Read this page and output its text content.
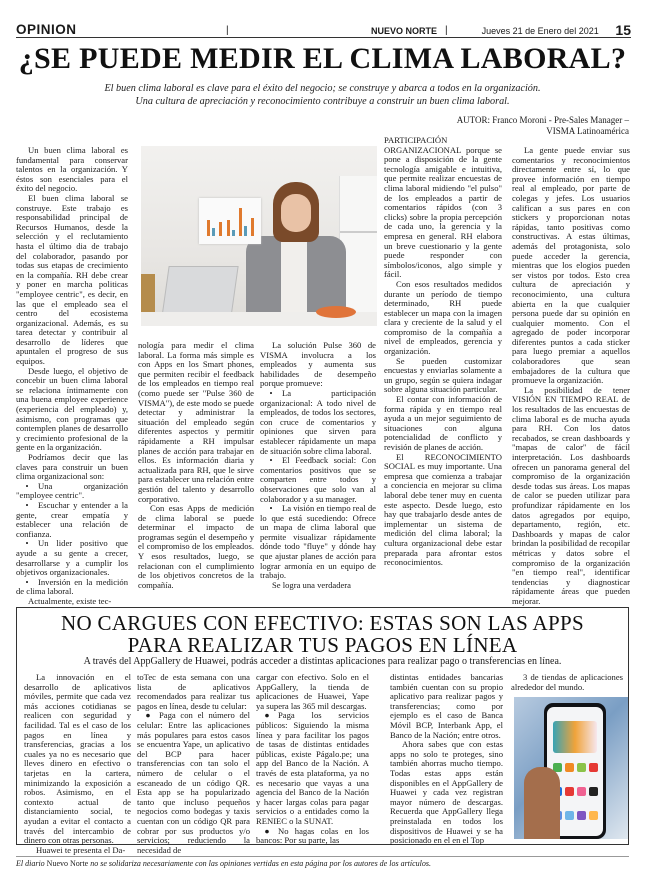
OPINION	|	NUEVO NORTE |	Jueves 21 de Enero del 2021 15
¿SE PUEDE MEDIR EL CLIMA LABORAL?
El buen clima laboral es clave para el éxito del negocio; se construye y abarca a todos en la organización.
Una cultura de apreciación y reconocimiento contribuye a construir un buen clima laboral.
AUTOR: Franco Moroni - Pre-Sales Manager –
VISMA Latinoamérica

Un buen clima laboral es fundamental para conservar talentos en la organización. Y éstos son esenciales para el éxito del negocio.

El buen clima laboral se construye. Este trabajo es responsabilidad principal de Recursos Humanos, desde la selección y el reclutamiento hasta el último dia de trabajo del colaborador, pasando por todas sus etapas de crecimiento en la compañía. RH debe crear y poner en marcha politicas "employee centric", es decir, en las que el empleado sea el centro del ecosistema organizacional. Además, es su tarea detectar y contribuir al desarrollo de líderes que apuntalen el progreso de sus equipos.

Desde luego, el objetivo de concebir un buen clima laboral se relaciona íntimamente con una buena employee experience (experiencia del empleado) y, asimismo, con programas que contemplen planes de desarrollo y crecimiento profesional de la gente en la organización.

Podríamos decir que las claves para construir un buen clima organizacional son:

• Una organización "employee centric".

• Escuchar y entender a la gente, crear empatía y establecer una relación de confianza.

• Un lider positivo que ayude a su gente a crecer, desarrollarse y a cumplir los objetivos organizacionales.

• Inversión en la medición de clima laboral.

Actualmente, existe tec-

nología para medir el clima laboral. La forma más simple es con Apps en los Smart phones, que permiten recibir el feedback de los empleados en tiempo real (como puede ser "Pulse 360 de VISMA"), de este modo se puede detectar y administrar la situación del empleado según diferentes aspectos y permitir rápidamente a RH impulsar planes de acción para trabajar en ellos. Es información diaria y actualizada para RH, que le sirve para establecer una relación entre gestión del talento y desarrollo corporativo.

Con esas Apps de medición de clima laboral se puede determinar el impacto de programas según el desempeño y el compromiso de los empleados. Y esos resultados, luego, se relacionan con el cumplimiento de los objetivos concretos de la compañía.

La solución Pulse 360 de VISMA involucra a los empleados y aumenta sus habilidades de desempeño porque promueve:

• La participación organizacional: A todo nivel de empleados, de todos los sectores, con cruce de comentarios y opiniones que sirven para establecer rápidamente un mapa de situación sobre clima laboral.

• El Feedback social: Con comentarios positivos que se comparten entre todos y observaciones que solo van al colaborador y a su manager.

• La visión en tiempo real de lo que está sucediendo: Ofrece un mapa de clima laboral que permite visualizar rápidamente dónde todo "fluye" y dónde hay que ajustar planes de acción para lograr armonía en un equipo de trabajo.

Se logra una verdadera

PARTICIPACIÓN ORGANIZACIONAL porque se pone a disposición de la gente tecnología amigable e intuitiva, que permite realizar encuestas de clima laboral midiendo "el pulso" de los empleados a partir de comentarios rápidos (con 3 clicks) sobre la propia percepción de cada uno, la gerencia y la empresa en general. RH elabora un breve cuestionario y la gente puede responder con símbolos/iconos, algo simple y fácil.

Con esos resultados medidos durante un período de tiempo determinado, RH puede establecer un mapa con la imagen clara y creciente de la salud y el compromiso de la compañía a nivel de empleados, gerencia y organización.

Se pueden customizar encuestas y enviarlas solamente a un grupo, según se quiera indagar sobre alguna situación particular.

El contar con información de forma rápida y en tiempo real ayuda a un mejor seguimiento de situaciones con alguna potencialidad de conflicto y revisión de planes de acción.

El RECONOCIMIENTO SOCIAL es muy importante. Una empresa que comienza a trabajar a conciencia en mejorar su clima laboral debe tener muy en cuenta este aspecto. Desde luego, esto hay que trabajarlo desde antes de implementar un sistema de medición del clima laboral; la cultura organizacional debe estar preparada para afrontar estos reconocimientos.

La gente puede enviar sus comentarios y reconocimientos directamente entre sí, lo que provee información en tiempo real al empleado, por parte de colegas y jefes. Los usuarios califican a sus pares en con stickers y proporcionan notas rápidas, tanto positivas como constructivas. A estas últimas, además del protagonista, solo puede acceder la gerencia, mientras que los elogios pueden ser vistos por todos. Esto crea cultura de apreciación y reconocimiento, una cultura abierta en la que cualquier persona puede dar su opinión en cualquier momento. Con el agregado de poder incorporar diferentes puntos a cada sticker para luego premiar a aquellos colaboradores que sean embajadores de la cultura que promueve la organización.

La posibilidad de tener VISIÓN EN TIEMPO REAL de los resultados de las encuestas de clima laboral es de mucha ayuda para RH. Con los datos recabados, se crean dashboards y "mapas de calor" de fácil interpretación. Los dashboards ofrecen un panorama general del compromiso de la organización desde todas sus áreas. Los mapas de calor se pueden utilizar para profundizar rápidamente en los datos agregados por equipo, departamento, región, etc. Dashboards y mapas de calor brindan la posibilidad de recopilar métricas y datos sobre el compromiso de la organización "en tiempo real", identificar tendencias y diagnosticar rápidamente áreas que pueden mejorar.

NO CARGUES CON EFECTIVO: ESTAS SON LAS APPS
PARA REALIZAR TUS PAGOS EN LÍNEA
A través del AppGallery de Huawei, podrás acceder a distintas aplicaciones para realizar pago o transferencias en línea.

La innovación en el desarrollo de aplicativos móviles, permite que cada vez más acciones cotidianas se realicen con seguridad y facilidad. Tal es el caso de los pagos en línea y transferencias, gracias a los cuales ya no es necesario que lleves dinero en efectivo o tarjetas en la cartera, minimizando la exposición a robos. Asimismo, en el contexto actual de distanciamiento social, te ayudan a evitar el contacto a través del intercambio de dinero con otras personas.

Huawei te presenta el Da-

toTec de esta semana con una lista de aplicativos recomendados para realizar tus pagos en línea, desde tu celular:

● Paga con el número del celular: Entre las aplicaciones más populares para estos casos se encuentra Yape, un aplicativo del BCP para hacer transferencias con tan solo el número de celular o el escaneado de un código QR. Esta app se ha popularizado tanto que incluso pequeños negocios como bodegas y taxis cuentan con un código QR para cobrar por sus productos y/o servicios; reduciendo la necesidad de

cargar con efectivo. Solo en el AppGallery, la tienda de aplicaciones de Huawei, Yape ya supera las 365 mil descargas.

● Paga los servicios públicos: Siguiendo la misma línea y para facilitar los pagos de tasas de distintas entidades públicas, existe Págalo.pe; una app del Banco de la Nación. A través de esta plataforma, ya no es necesario que vayas a una agencia del Banco de la Nación y hacer largas colas para pagar servicios o a entidades como la RENIEC o la SUNAT.

● No hagas colas en los bancos: Por su parte, las

distintas entidades bancarias también cuentan con su propio aplicativo para realizar pagos y transferencias; como por ejemplo es el caso de Banca Móvil BCP, Interbank App, el Banco de la Nación; entre otros.

Ahora sabes que con estas apps no solo te proteges, sino también ahorras mucho tiempo. Todas estas apps están disponibles en el AppGallery de Huawei y cada vez registran mayor número de descargas. Recuerda que AppGallery llega preinstalada en todos los dispositivos de Huawei y se ha posicionado en el en el Top

3 de tiendas de aplicaciones alrededor del mundo.

El diario Nuevo Norte no se solidariza necesariamente con las opiniones vertidas en esta página por los autores de los artículos.
